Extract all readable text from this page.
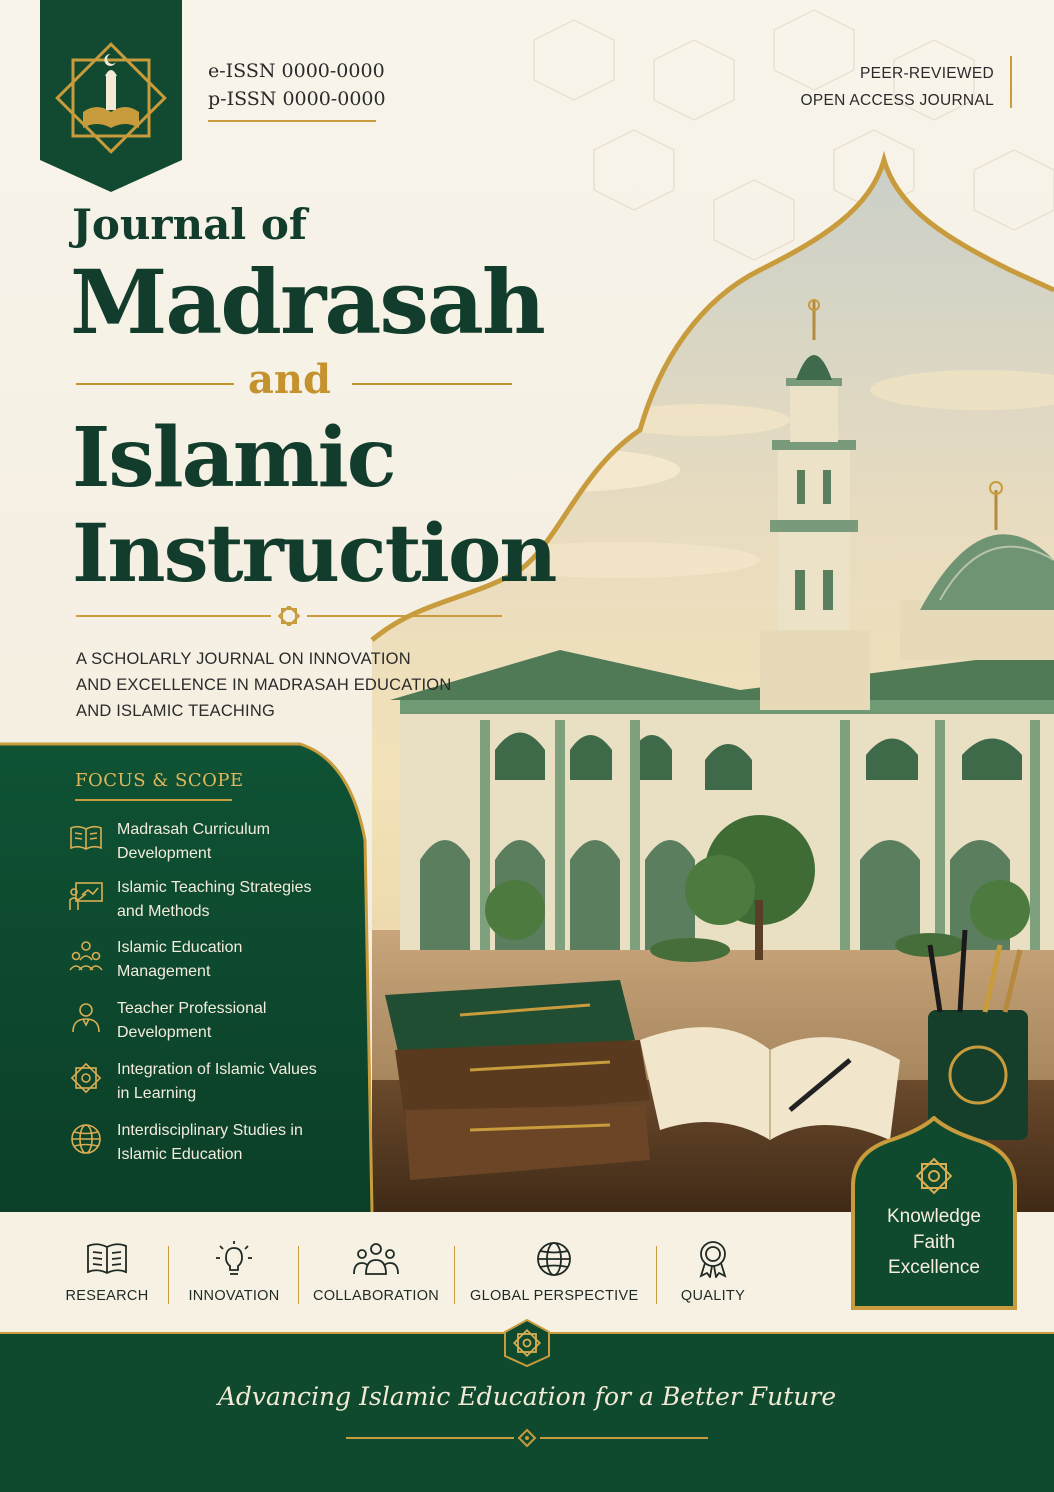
e-ISSN 0000-0000
p-ISSN 0000-0000
PEER-REVIEWED
OPEN ACCESS JOURNAL
Journal of
Madrasah
and
Islamic
Instruction
A SCHOLARLY JOURNAL ON INNOVATION
AND EXCELLENCE IN MADRASAH EDUCATION
AND ISLAMIC TEACHING
FOCUS & SCOPE
Madrasah Curriculum
Development
Islamic Teaching Strategies
and Methods
Islamic Education
Management
Teacher Professional
Development
Integration of Islamic Values
in Learning
Interdisciplinary Studies in
Islamic Education
RESEARCH	INNOVATION	COLLABORATION GLOBAL PERSPECTIVE	QUALITY
Knowledge
Faith
Excellence
Advancing Islamic Education for a Better Future
